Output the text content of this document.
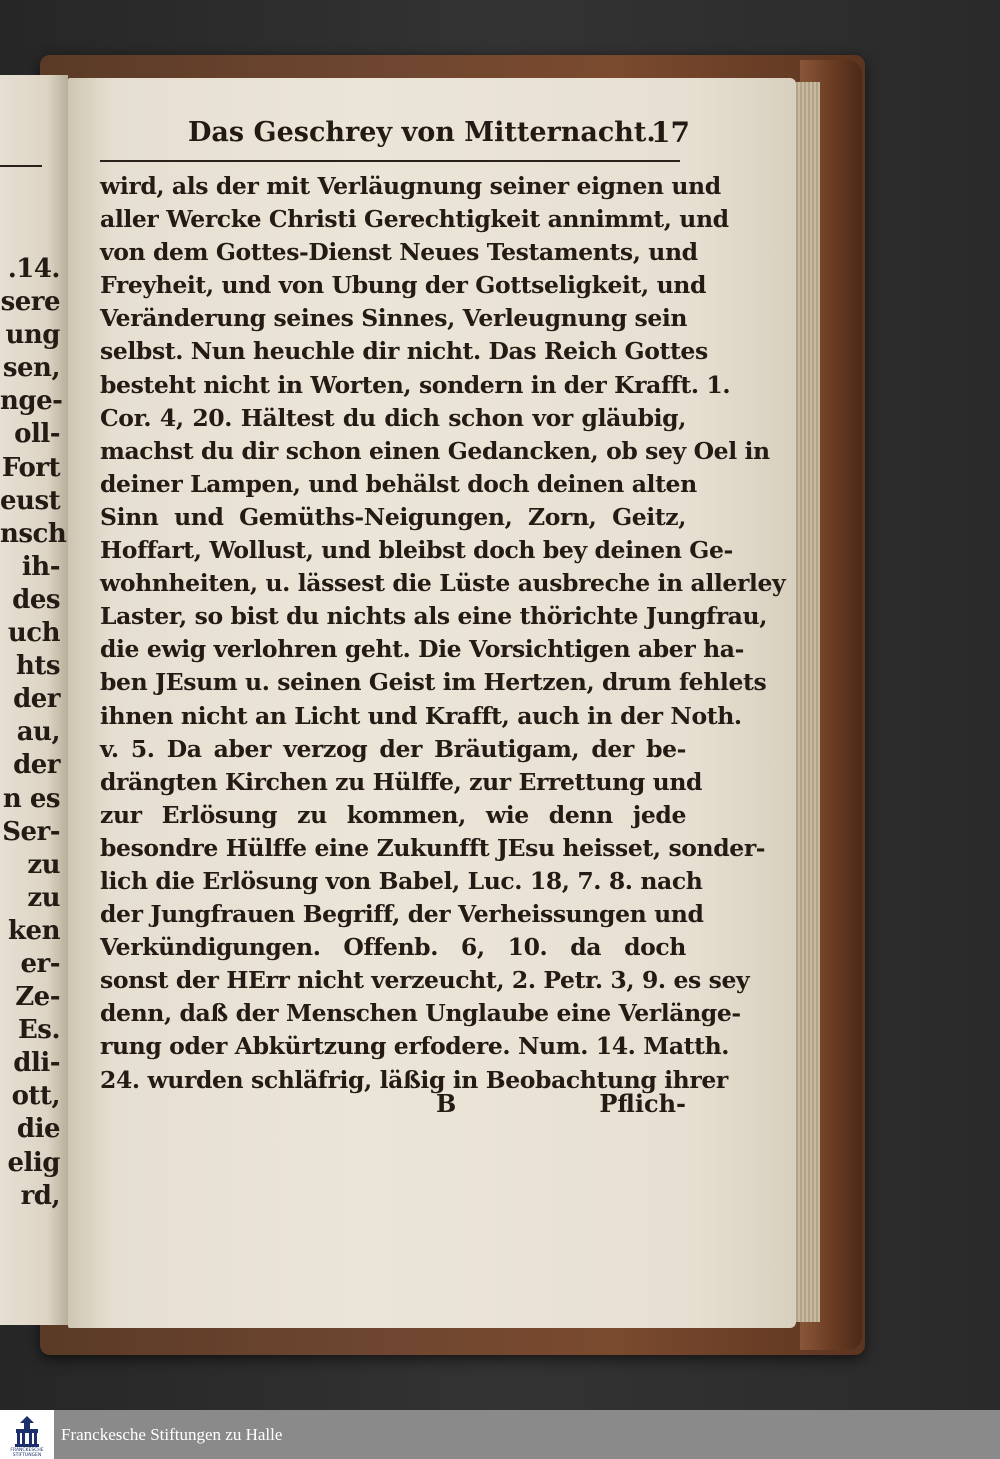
.14.
sere
ung
sen,
nge-
oll-
Fort
eust
nsch
ih-
des
uch
hts
der
au,
der
n es
Ser-
zu
zu
ken
er-
Ze-
Es.
dli-
ott,
die
elig
rd,
Das Geschrey von Mitternacht.
17
wird, als der mit Verläugnung seiner eignen und
aller Wercke Christi Gerechtigkeit annimmt, und
von dem Gottes-Dienst Neues Testaments, und
Freyheit, und von Ubung der Gottseligkeit, und
Veränderung seines Sinnes, Verleugnung sein
selbst. Nun heuchle dir nicht. Das Reich Gottes
besteht nicht in Worten, sondern in der Krafft. 1.
Cor. 4, 20. Hältest du dich schon vor gläubig,
machst du dir schon einen Gedancken, ob sey Oel in
deiner Lampen, und behälst doch deinen alten
Sinn und Gemüths-Neigungen, Zorn, Geitz,
Hoffart, Wollust, und bleibst doch bey deinen Ge-
wohnheiten, u. lässest die Lüste ausbreche in allerley
Laster, so bist du nichts als eine thörichte Jungfrau,
die ewig verlohren geht. Die Vorsichtigen aber ha-
ben JEsum u. seinen Geist im Hertzen, drum fehlets
ihnen nicht an Licht und Krafft, auch in der Noth.
v. 5. Da aber verzog der Bräutigam, der be-
drängten Kirchen zu Hülffe, zur Errettung und
zur Erlösung zu kommen, wie denn jede
besondre Hülffe eine Zukunfft JEsu heisset, sonder-
lich die Erlösung von Babel, Luc. 18, 7. 8. nach
der Jungfrauen Begriff, der Verheissungen und
Verkündigungen. Offenb. 6, 10. da doch
sonst der HErr nicht verzeucht, 2. Petr. 3, 9. es sey
denn, daß der Menschen Unglaube eine Verlänge-
rung oder Abkürtzung erfodere. Num. 14. Matth.
24. wurden schläfrig, läßig in Beobachtung ihrer
B	Pflich-
FRANCKESCHE STIFTUNGEN
Franckesche Stiftungen zu Halle
